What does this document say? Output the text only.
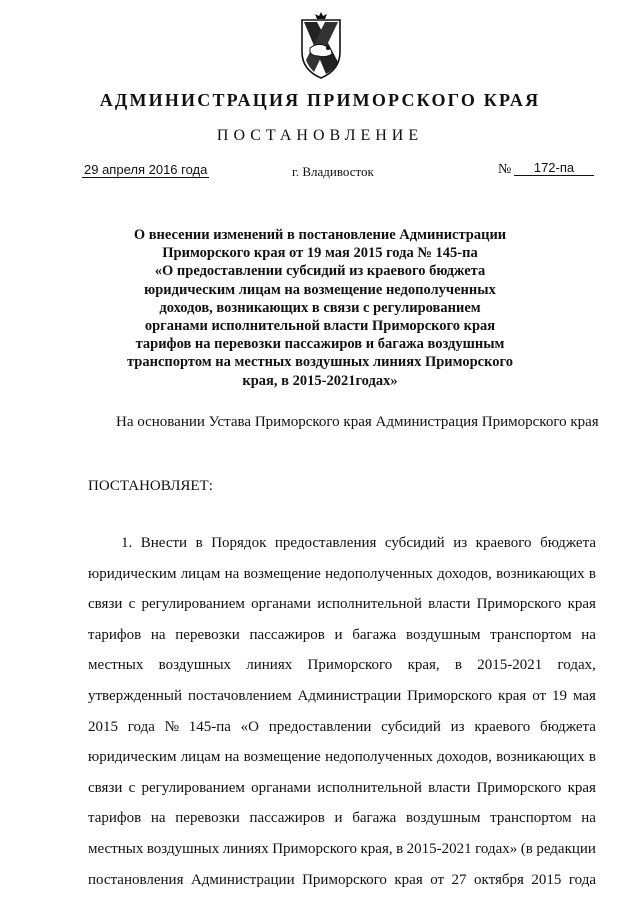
АДМИНИСТРАЦИЯ ПРИМОРСКОГО КРАЯ
ПОСТАНОВЛЕНИЕ
29 апреля 2016 года	г. Владивосток	№	172-па
О внесении изменений в постановление Администрации
Приморского края от 19 мая 2015 года № 145-па
«О предоставлении субсидий из краевого бюджета
юридическим лицам на возмещение недополученных
доходов, возникающих в связи с регулированием
органами исполнительной власти Приморского края
тарифов на перевозки пассажиров и багажа воздушным
транспортом на местных воздушных линиях Приморского
края, в 2015-2021годах»
На основании Устава Приморского края Администрация Приморского края
ПОСТАНОВЛЯЕТ:
1. Внести в Порядок предоставления субсидий из краевого бюджета
юридическим лицам на возмещение недополученных доходов, возникающих в
связи с регулированием органами исполнительной власти Приморского края
тарифов на перевозки пассажиров и багажа воздушным транспортом на
местных воздушных линиях Приморского края, в 2015-2021 годах,
утвержденный постачовлением Администрации Приморского края от 19 мая
2015 года № 145-па «О предоставлении субсидий из краевого бюджета
юридическим лицам на возмещение недополученных доходов, возникающих в
связи с регулированием органами исполнительной власти Приморского края
тарифов на перевозки пассажиров и багажа воздушным транспортом на
местных воздушных линиях Приморского края, в 2015-2021 годах» (в редакции
постановления Администрации Приморского края от 27 октября 2015 года
